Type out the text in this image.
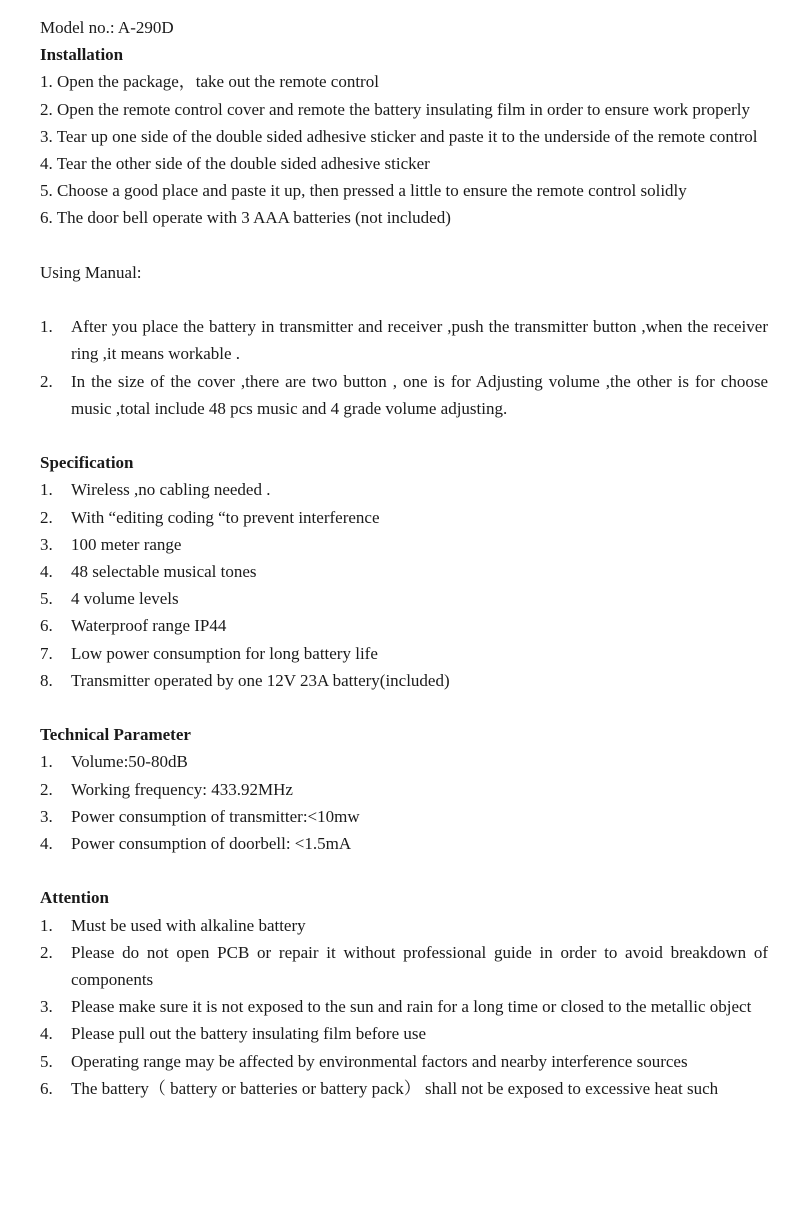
Model no.: A-290D

Installation

1. Open the package，take out the remote control

2. Open the remote control cover and remote the battery insulating film in order to ensure work properly

3. Tear up one side of the double sided adhesive sticker and paste it to the underside of the remote control

4. Tear the other side of the double sided adhesive sticker

5. Choose a good place and paste it up, then pressed a little to ensure the remote control solidly

6. The door bell operate with 3 AAA batteries (not included)

Using Manual:

1.	After you place the battery in transmitter and receiver ,push the transmitter button ,when the receiver ring ,it means workable .
2.	In the size of the cover ,there are two button , one is for Adjusting volume ,the other is for choose music ,total include 48 pcs music and 4 grade volume adjusting.

Specification

1.	Wireless ,no cabling needed .
2.	With “editing coding “to prevent interference
3.	100 meter range
4.	48 selectable musical tones
5.	4 volume levels
6.	Waterproof range IP44
7.	Low power consumption for long battery life
8.	Transmitter operated by one 12V 23A battery(included)

Technical Parameter

1.	Volume:50-80dB
2.	Working frequency: 433.92MHz
3.	Power consumption of transmitter:<10mw
4.	Power consumption of doorbell: <1.5mA

Attention

1.	Must be used with alkaline battery
2.	Please do not open PCB or repair it without professional guide in order to avoid breakdown of components
3.	Please make sure it is not exposed to the sun and rain for a long time or closed to the metallic object
4.	Please pull out the battery insulating film before use
5.	Operating range may be affected by environmental factors and nearby interference sources
6.	The battery（ battery or batteries or battery pack） shall not be exposed to excessive heat such
